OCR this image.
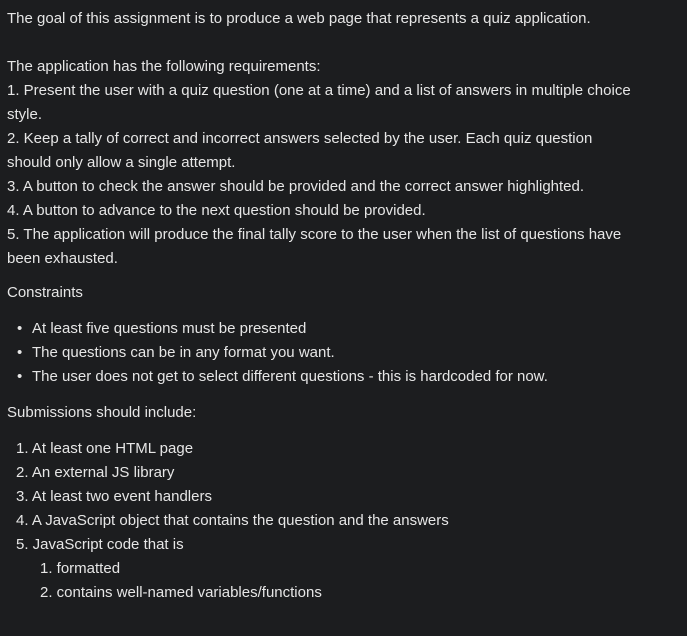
The goal of this assignment is to produce a web page that represents a quiz application.

The application has the following requirements:

1. Present the user with a quiz question (one at a time) and a list of answers in multiple choice style.

2. Keep a tally of correct and incorrect answers selected by the user. Each quiz question should only allow a single attempt.

3. A button to check the answer should be provided and the correct answer highlighted.

4. A button to advance to the next question should be provided.

5. The application will produce the final tally score to the user when the list of questions have been exhausted.

Constraints

• At least five questions must be presented
• The questions can be in any format you want.
• The user does not get to select different questions - this is hardcoded for now.

Submissions should include:

1. At least one HTML page
2. An external JS library
3. At least two event handlers
4. A JavaScript object that contains the question and the answers
5. JavaScript code that is
1. formatted
2. contains well-named variables/functions
